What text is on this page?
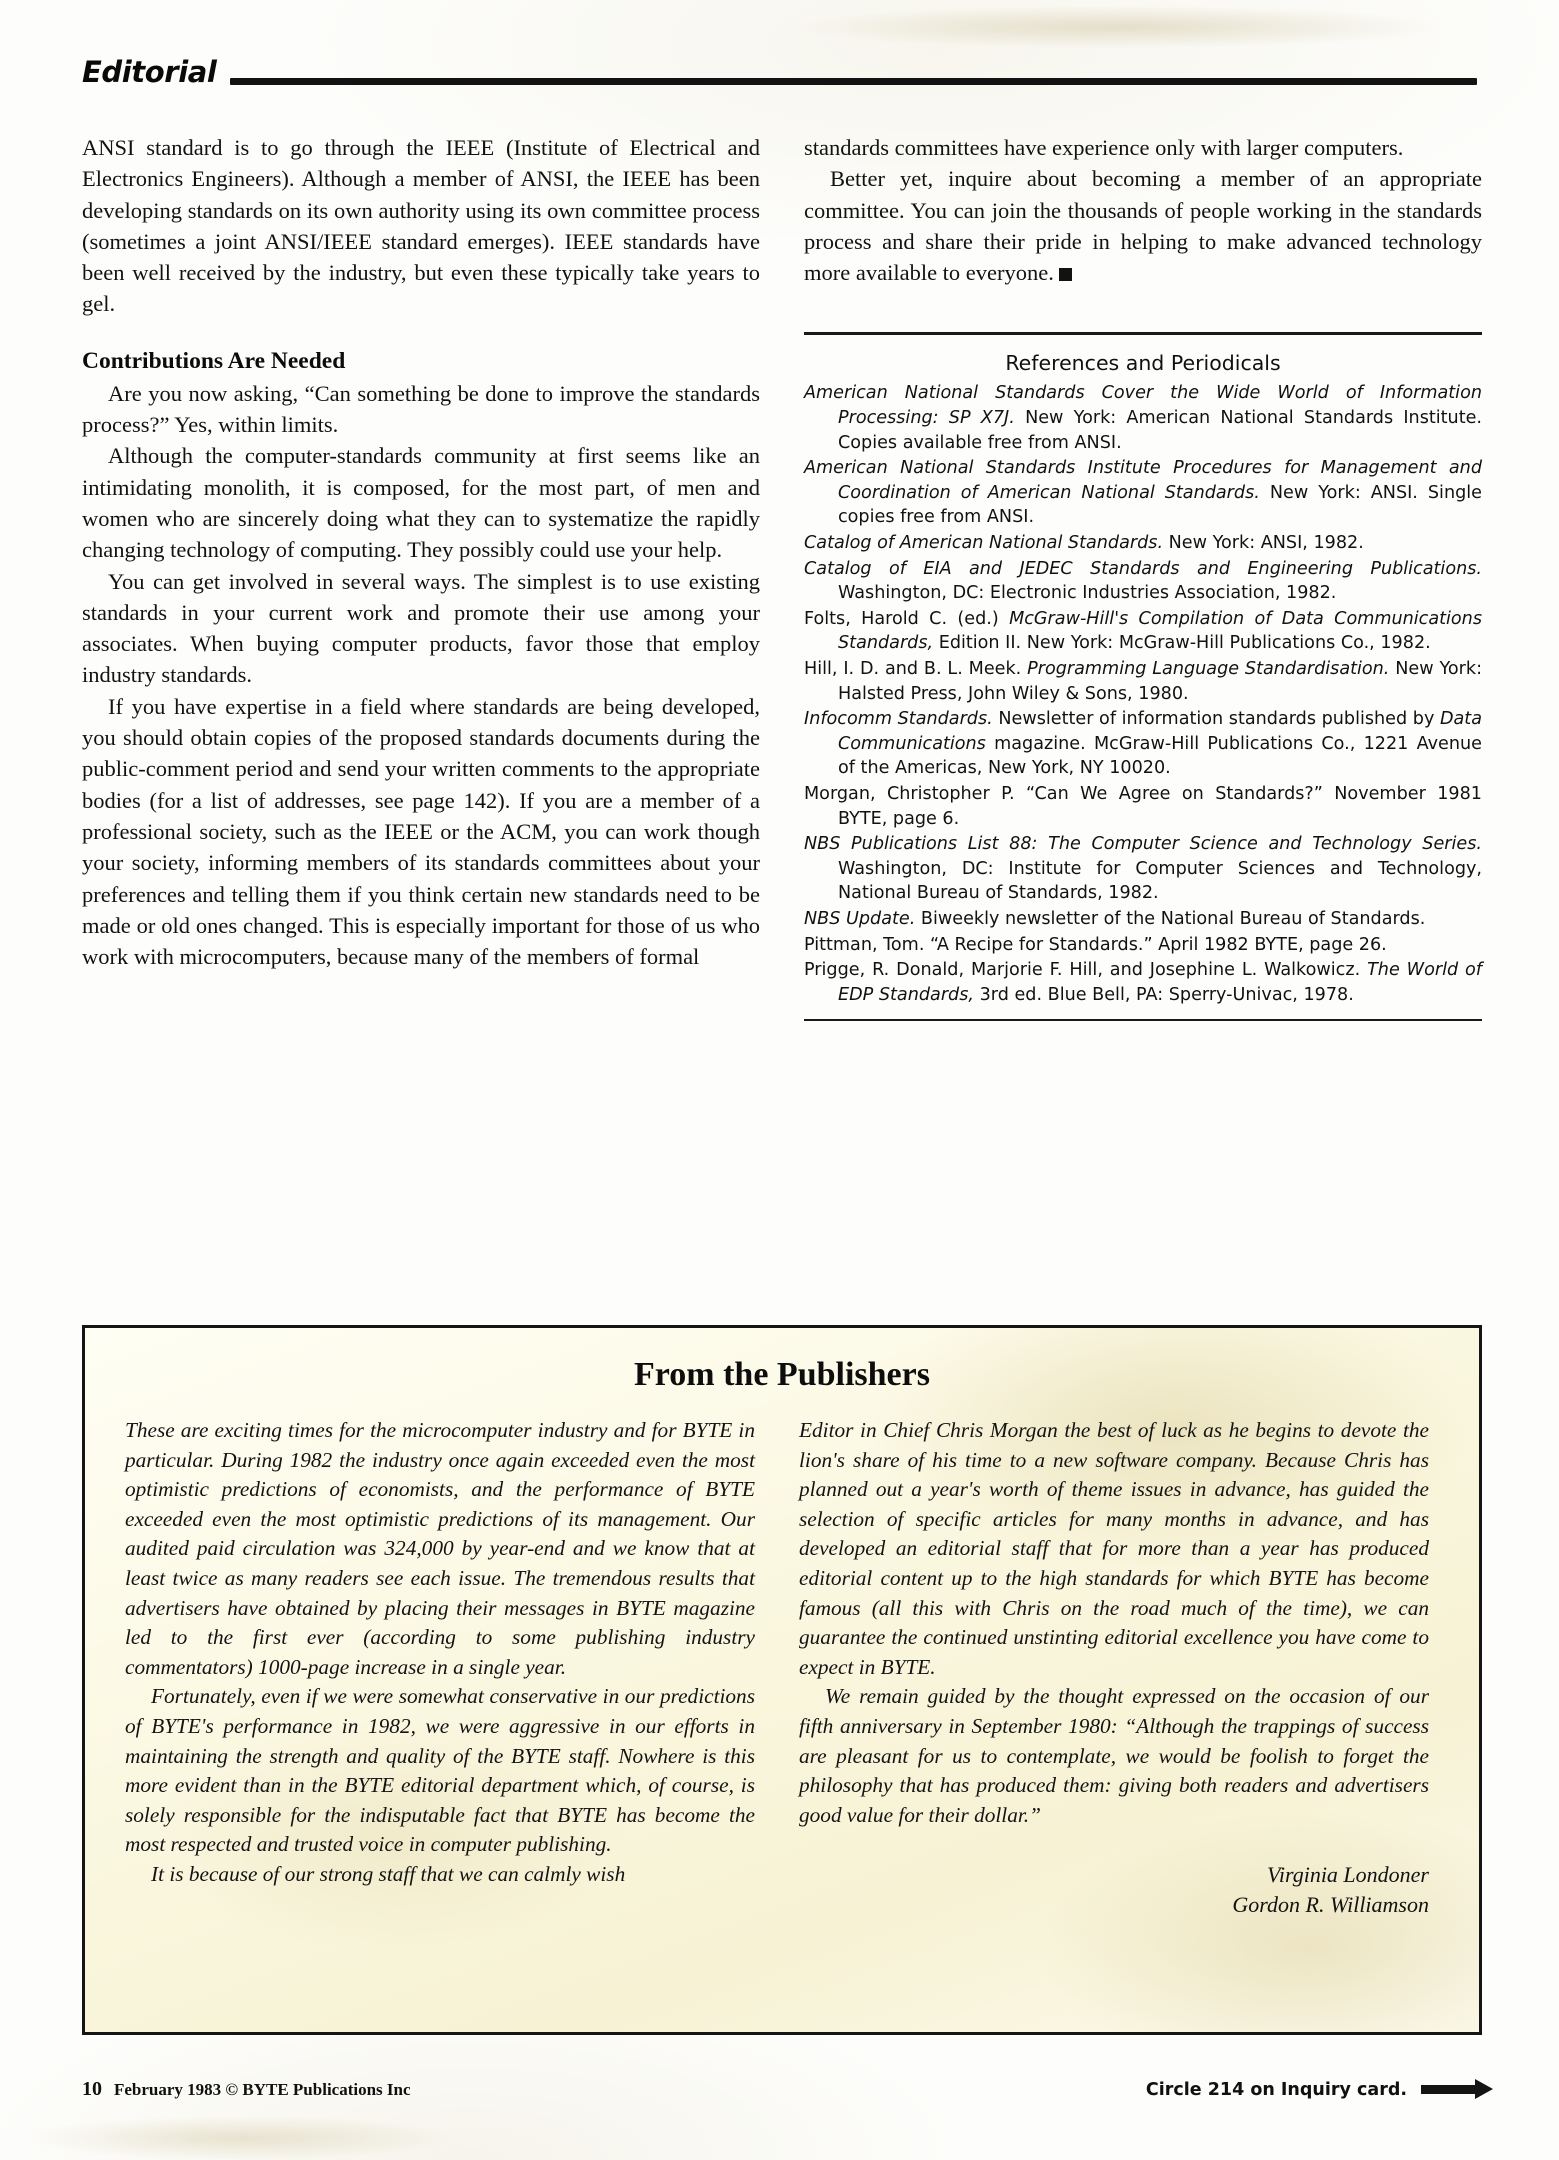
Editorial

ANSI standard is to go through the IEEE (Institute of Electrical and Electronics Engineers). Although a member of ANSI, the IEEE has been developing standards on its own authority using its own committee process (sometimes a joint ANSI/IEEE standard emerges). IEEE standards have been well received by the industry, but even these typically take years to gel.

Contributions Are Needed

Are you now asking, “Can something be done to improve the standards process?” Yes, within limits.

Although the computer-standards community at first seems like an intimidating monolith, it is composed, for the most part, of men and women who are sincerely doing what they can to systematize the rapidly changing technology of computing. They possibly could use your help.

You can get involved in several ways. The simplest is to use existing standards in your current work and promote their use among your associates. When buying computer products, favor those that employ industry standards.

If you have expertise in a field where standards are being developed, you should obtain copies of the proposed standards documents during the public-comment period and send your written comments to the appropriate bodies (for a list of addresses, see page 142). If you are a member of a professional society, such as the IEEE or the ACM, you can work though your society, informing members of its standards committees about your preferences and telling them if you think certain new standards need to be made or old ones changed. This is especially important for those of us who work with microcomputers, because many of the members of formal

standards committees have experience only with larger computers.

Better yet, inquire about becoming a member of an appropriate committee. You can join the thousands of people working in the standards process and share their pride in helping to make advanced technology more available to everyone.

References and Periodicals

American National Standards Cover the Wide World of Information Processing: SP X7J. New York: American National Standards Institute. Copies available free from ANSI.

American National Standards Institute Procedures for Management and Coordination of American National Standards. New York: ANSI. Single copies free from ANSI.

Catalog of American National Standards. New York: ANSI, 1982.

Catalog of EIA and JEDEC Standards and Engineering Publications. Washington, DC: Electronic Industries Association, 1982.

Folts, Harold C. (ed.) McGraw-Hill's Compilation of Data Communications Standards, Edition II. New York: McGraw-Hill Publications Co., 1982.

Hill, I. D. and B. L. Meek. Programming Language Standardisation. New York: Halsted Press, John Wiley & Sons, 1980.

Infocomm Standards. Newsletter of information standards published by Data Communications magazine. McGraw-Hill Publications Co., 1221 Avenue of the Americas, New York, NY 10020.

Morgan, Christopher P. “Can We Agree on Standards?” November 1981 BYTE, page 6.

NBS Publications List 88: The Computer Science and Technology Series. Washington, DC: Institute for Computer Sciences and Technology, National Bureau of Standards, 1982.

NBS Update. Biweekly newsletter of the National Bureau of Standards.

Pittman, Tom. “A Recipe for Standards.” April 1982 BYTE, page 26.

Prigge, R. Donald, Marjorie F. Hill, and Josephine L. Walkowicz. The World of EDP Standards, 3rd ed. Blue Bell, PA: Sperry-Univac, 1978.

From the Publishers

These are exciting times for the microcomputer industry and for BYTE in particular. During 1982 the industry once again exceeded even the most optimistic predictions of economists, and the performance of BYTE exceeded even the most optimistic predictions of its management. Our audited paid circulation was 324,000 by year-end and we know that at least twice as many readers see each issue. The tremendous results that advertisers have obtained by placing their messages in BYTE magazine led to the first ever (according to some publishing industry commentators) 1000-page increase in a single year.

Fortunately, even if we were somewhat conservative in our predictions of BYTE's performance in 1982, we were aggressive in our efforts in maintaining the strength and quality of the BYTE staff. Nowhere is this more evident than in the BYTE editorial department which, of course, is solely responsible for the indisputable fact that BYTE has become the most respected and trusted voice in computer publishing.

It is because of our strong staff that we can calmly wish

Editor in Chief Chris Morgan the best of luck as he begins to devote the lion's share of his time to a new software company. Because Chris has planned out a year's worth of theme issues in advance, has guided the selection of specific articles for many months in advance, and has developed an editorial staff that for more than a year has produced editorial content up to the high standards for which BYTE has become famous (all this with Chris on the road much of the time), we can guarantee the continued unstinting editorial excellence you have come to expect in BYTE.

We remain guided by the thought expressed on the occasion of our fifth anniversary in September 1980: “Although the trappings of success are pleasant for us to contemplate, we would be foolish to forget the philosophy that has produced them: giving both readers and advertisers good value for their dollar.”

Virginia Londoner

Gordon R. Williamson

10 February 1983 © BYTE Publications Inc	Circle 214 on Inquiry card.
